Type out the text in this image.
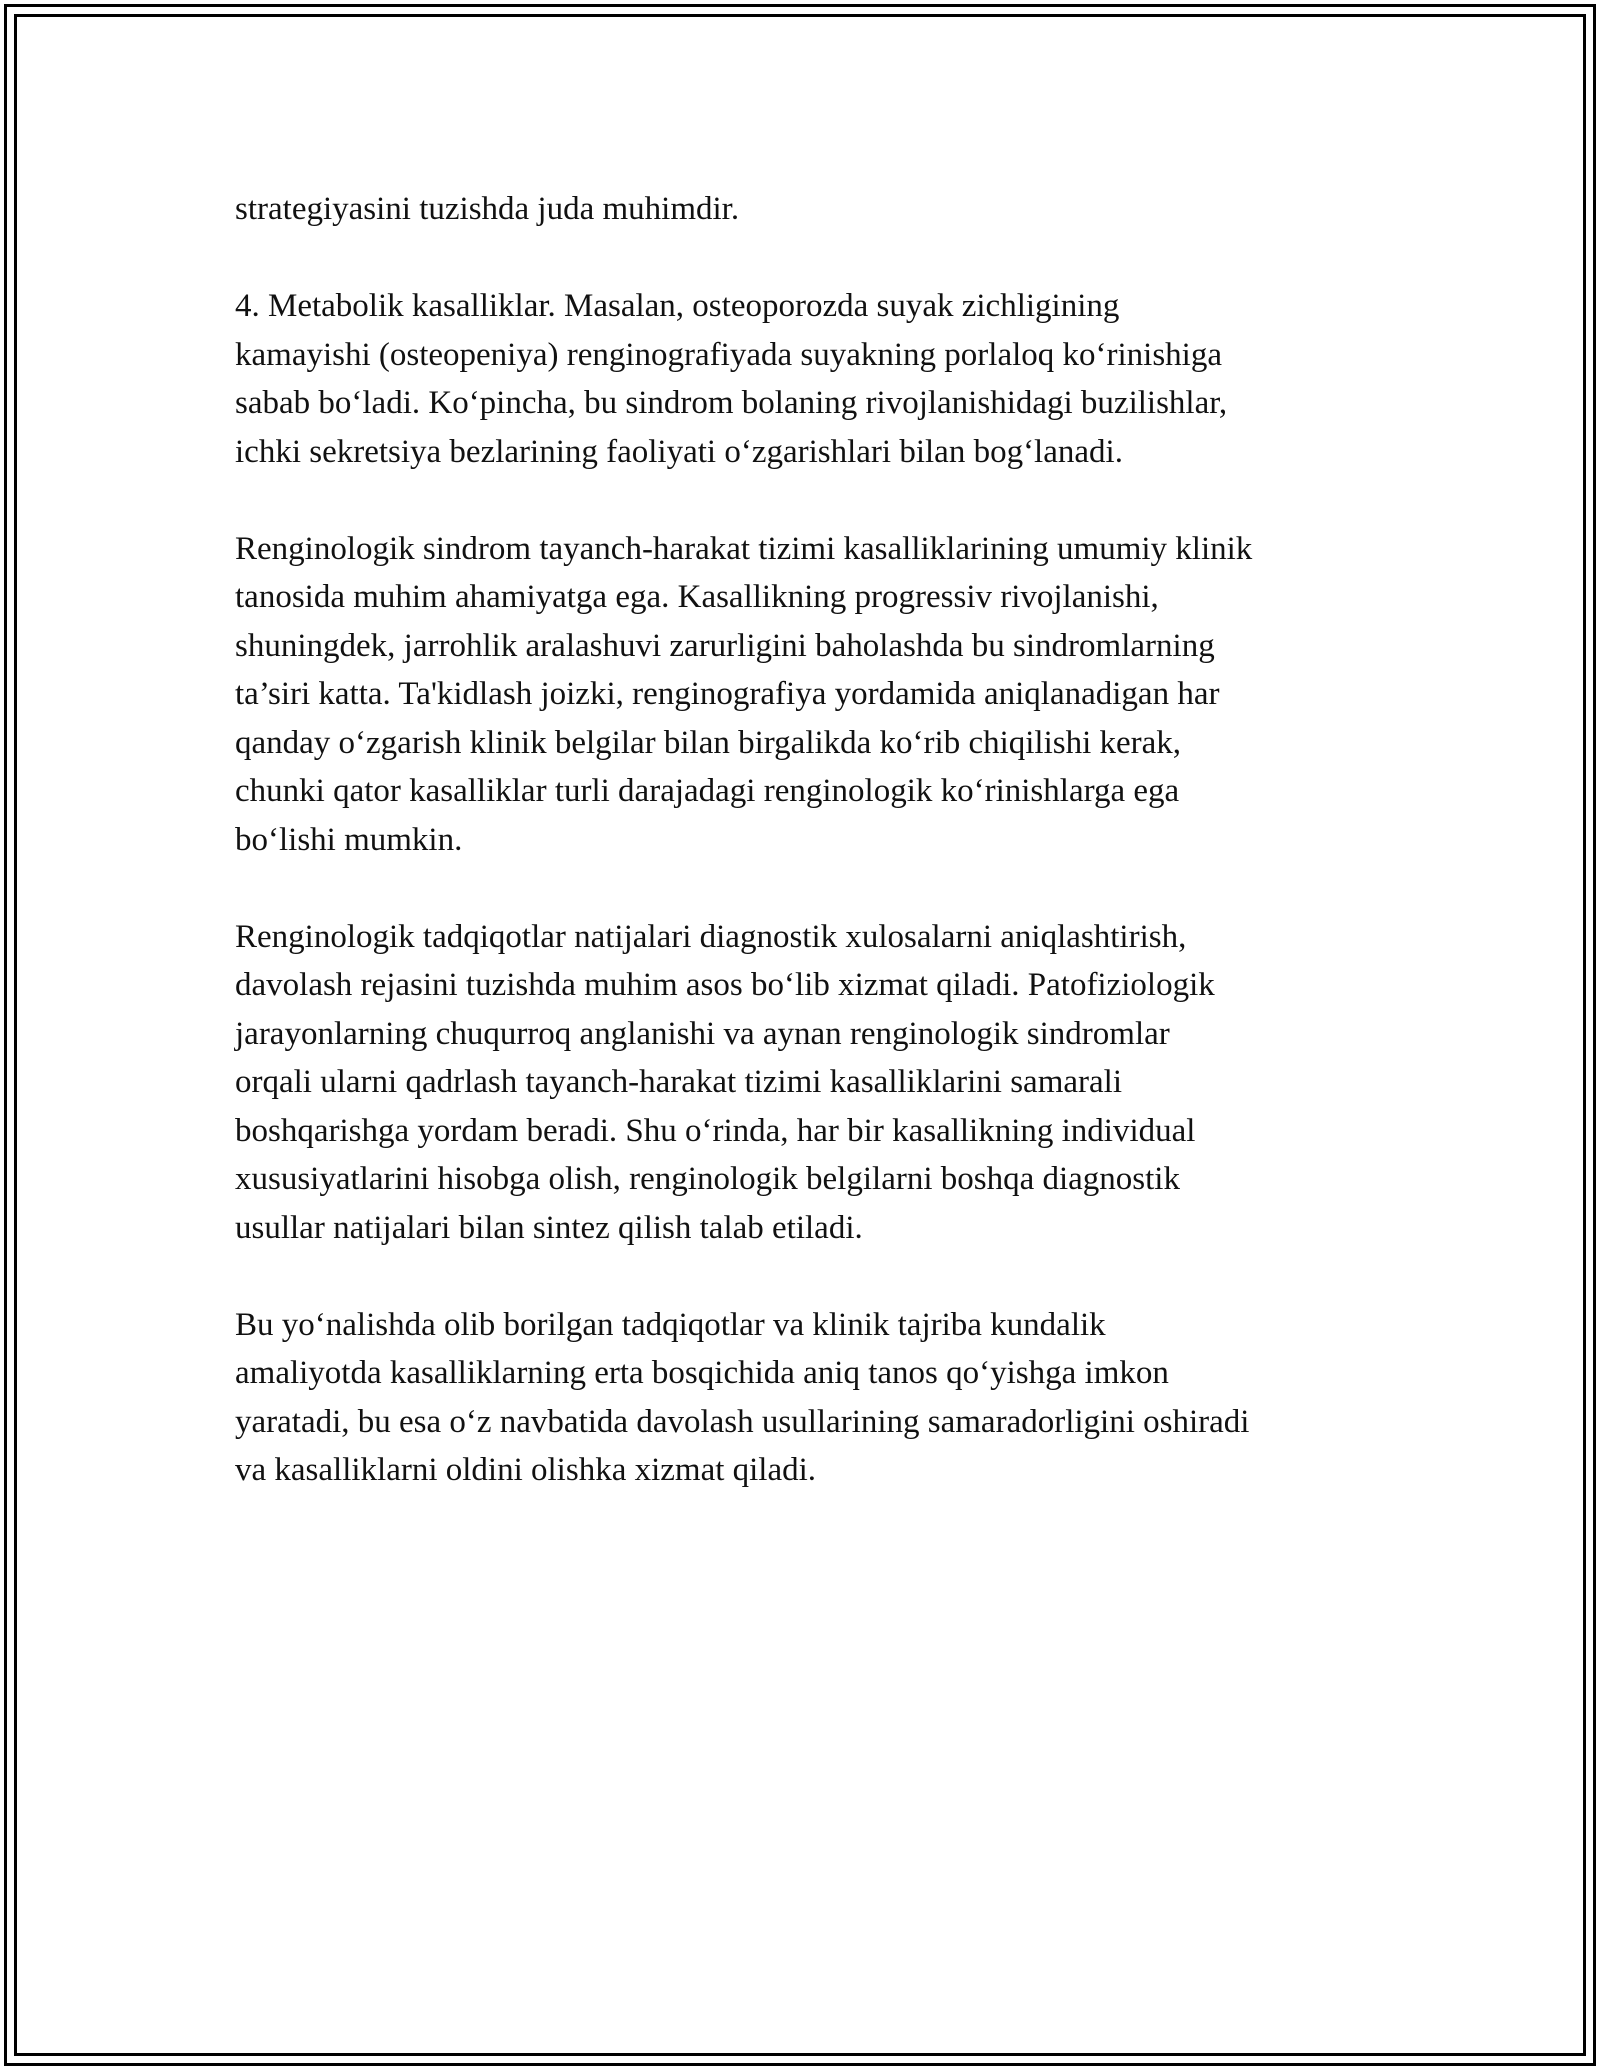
strategiyasini tuzishda juda muhimdir.

4. Metabolik kasalliklar. Masalan, osteoporozda suyak zichligining
kamayishi (osteopeniya) renginografiyada suyakning porlaloq ko‘rinishiga
sabab bo‘ladi. Ko‘pincha, bu sindrom bolaning rivojlanishidagi buzilishlar,
ichki sekretsiya bezlarining faoliyati o‘zgarishlari bilan bog‘lanadi.

Renginologik sindrom tayanch-harakat tizimi kasalliklarining umumiy klinik
tanosida muhim ahamiyatga ega. Kasallikning progressiv rivojlanishi,
shuningdek, jarrohlik aralashuvi zarurligini baholashda bu sindromlarning
ta’siri katta. Ta'kidlash joizki, renginografiya yordamida aniqlanadigan har
qanday o‘zgarish klinik belgilar bilan birgalikda ko‘rib chiqilishi kerak,
chunki qator kasalliklar turli darajadagi renginologik ko‘rinishlarga ega
bo‘lishi mumkin.

Renginologik tadqiqotlar natijalari diagnostik xulosalarni aniqlashtirish,
davolash rejasini tuzishda muhim asos bo‘lib xizmat qiladi. Patofiziologik
jarayonlarning chuqurroq anglanishi va aynan renginologik sindromlar
orqali ularni qadrlash tayanch-harakat tizimi kasalliklarini samarali
boshqarishga yordam beradi. Shu o‘rinda, har bir kasallikning individual
xususiyatlarini hisobga olish, renginologik belgilarni boshqa diagnostik
usullar natijalari bilan sintez qilish talab etiladi.

Bu yo‘nalishda olib borilgan tadqiqotlar va klinik tajriba kundalik
amaliyotda kasalliklarning erta bosqichida aniq tanos qo‘yishga imkon
yaratadi, bu esa o‘z navbatida davolash usullarining samaradorligini oshiradi
va kasalliklarni oldini olishka xizmat qiladi.
